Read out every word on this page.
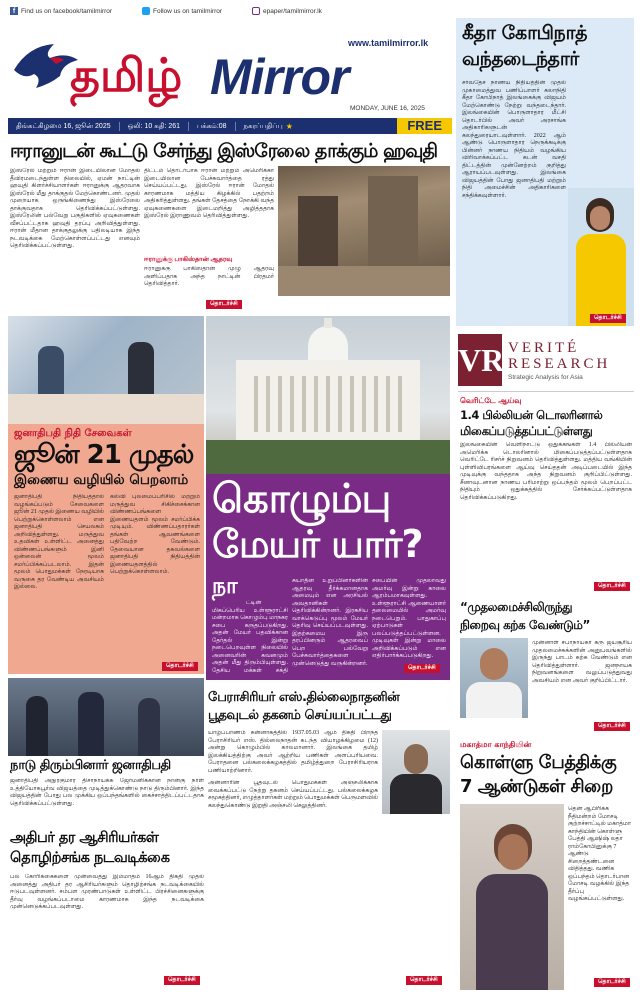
f Find us on facebook/tamilmirror	Follow us on tamilmirror	epaper/tamilmirror.lk
www.tamilmirror.lk
தமிழ் Mirror
MONDAY, JUNE 16, 2025
திங்கட்கிழமை 16, ஜூன் 2025	ஒலி: 10 கதி: 261	பக்கம்:08	நகரப்பதிப்பு ★	FREE
ஈரானுடன் கூட்டு சேர்ந்து இஸ்ரேலை தாக்கும் ஹவுதி
இஸ்ரேல் மற்றும் ஈரான் இடையிலான மோதல் தீவிரமடைந்துள்ள நிலையில், ஏமன் நாட்டின் ஹவுதி கிளர்ச்சியாளர்கள் ஈரானுக்கு ஆதரவாக இஸ்ரேல் மீது தாக்குதல் மேற்கொண்டனர். முதல் முறையாக ஒருங்கிணைந்து இஸ்ரேலை தாக்குவதாக தெரிவிக்கப்பட்டுள்ளது. இஸ்ரேலின் பல்வேறு பகுதிகளில் ஏவுகணைகள் வீசப்பட்டதாக ஹவுதி தரப்பு அறிவித்துள்ளது. ஈரான் மீதான தாக்குதலுக்கு பதிலடியாக இந்த நடவடிக்கை மேற்கொள்ளப்பட்டது எனவும் தெரிவிக்கப்பட்டுள்ளது.
திட்டம் தொடர்பாக ஈரான் மற்றும் அமெரிக்கா இடையிலான பேச்சுவார்த்தை ரத்து செய்யப்பட்டது. இஸ்ரேல் ஈரான் மோதல் காரணமாக மத்திய கிழக்கில் பதற்றம் அதிகரித்துள்ளது. தங்கள் தேசத்தை நோக்கி வந்த ஏவுகணைகளை இடைமறித்து அழித்ததாக இஸ்ரேல் இராணுவம் தெரிவித்துள்ளது.
ஈரானுக்கு பாகிஸ்தான் ஆதரவு
ஈரானுக்கு பாகிஸ்தான் முழு ஆதரவு அளிப்பதாக அந்த நாட்டின் பிரதமர் தெரிவித்தார்.
தொடர்ச்சி
ஜனாதிபதி நிதி சேவைகள்
ஜூன் 21 முதல்
இணைய வழியில் பெறலாம்
ஜனாதிபதி நிதியத்தால் வழங்கப்படும் சேவைகளை ஜூன் 21 முதல் இணைய வழியில் பெற்றுக்கொள்ளலாம் என ஜனாதிபதி செயலகம் அறிவித்துள்ளது. மருத்துவ உதவிகள் உள்ளிட்ட அனைத்து விண்ணப்பங்களும் இனி ஒன்லைன் மூலம் சமர்ப்பிக்கப்படலாம். இதன் மூலம் பொதுமக்கள் நேரடியாக வருகை தர வேண்டிய அவசியம் இல்லை.
கல்வி புலமைப்பரிசில் மற்றும் மருத்துவ சிகிச்சைக்கான விண்ணப்பங்களை இணையதளம் மூலம் சமர்ப்பிக்க முடியும். விண்ணப்பதாரர்கள் தங்கள் ஆவணங்களை பதிவேற்ற வேண்டும். தேவையான தகவல்களை ஜனாதிபதி நிதியத்தின் இணையதளத்தில் பெற்றுக்கொள்ளலாம்.
தொடர்ச்சி
நாடு திரும்பினார் ஜனாதிபதி
ஜனாதிபதி அநுரகுமார திசாநாயக்க ஜேர்மனிக்கான நான்கு நாள் உத்தியோகபூர்வ விஜயத்தை முடித்துக்கொண்டு நாடு திரும்பினார். இந்த விஜயத்தின் போது பல முக்கிய ஒப்பந்தங்களில் கைச்சாத்திடப்பட்டதாக தெரிவிக்கப்பட்டுள்ளது.
அதிபர் தர ஆசிரியர்கள்
தொழிற்சங்க நடவடிக்கை
பல கோரிக்கைகளை முன்வைத்து இம்மாதம் 16ஆம் திகதி முதல் அனைத்து அதிபர் தர ஆசிரியர்களும் தொழிற்சங்க நடவடிக்கையில் ஈடுபடவுள்ளனர். சம்பள முரண்பாடுகள் உள்ளிட்ட பிரச்சினைகளுக்கு தீர்வு வழங்கப்படாமை காரணமாக இந்த நடவடிக்கை முன்னெடுக்கப்படவுள்ளது.
தொடர்ச்சி
கொழும்பு
மேயர் யார்?
நா
ட்டின் மிகப்பெரிய உள்ளூராட்சி மன்றமாக கொழும்பு மாநகர சபை கருதப்படுகிறது. அதன் மேயர் பதவிக்கான தேர்தல் இன்று நடைபெறவுள்ள நிலையில் அனைவரின் கவனமும் அதன் மீது திரும்பியுள்ளது. தேசிய மக்கள் சக்தி
சுயாதீன உறுப்பினர்களின் ஆதரவு தீர்க்கமானதாக அமையும் என அரசியல் அவதானிகள் தெரிவிக்கின்றனர். இரகசிய வாக்கெடுப்பு மூலம் மேயர் தெரிவு செய்யப்படவுள்ளது. இதற்கமைய இரு தரப்பினரும் ஆதரவைப் பெற பல்வேறு பேச்சுவார்த்தைகளை முன்னெடுத்து வருகின்றனர்.
சபையின் முதலாவது அமர்வு இன்று காலை ஆரம்பமாகவுள்ளது. உள்ளூராட்சி ஆணையாளர் தலைமையில் அமர்வு நடைபெறும். பாதுகாப்பு ஏற்பாடுகள் பலப்படுத்தப்பட்டுள்ளன. முடிவுகள் இன்று மாலை அறிவிக்கப்படும் என எதிர்பார்க்கப்படுகிறது.
தொடர்ச்சி
பேராசிரியர் எஸ்.தில்லைநாதனின்
பூதவுடல் தகனம் செய்யப்பட்டது
யாழ்ப்பாணம் கன்னாகத்தில் 1937.05.03 ஆம் திகதி பிறந்த பேராசிரியர் எஸ். தில்லைநாதன் கடந்த வியாழக்கிழமை (12) அன்று கொழும்பில் காலமானார். இலங்கை தமிழ் இலக்கியத்திற்கு அவர் ஆற்றிய பணிகள் அளப்பரியவை. பேராதனை பல்கலைக்கழகத்தில் தமிழ்த்துறை பேராசிரியராக பணியாற்றினார்.
அன்னாரின் பூதவுடல் பொதுமக்கள் அஞ்சலிக்காக வைக்கப்பட்டு நேற்று தகனம் செய்யப்பட்டது. பல்கலைக்கழக சமூகத்தினர், எழுத்தாளர்கள் மற்றும் பொதுமக்கள் பெருமளவில் கலந்துகொண்டு இறுதி அஞ்சலி செலுத்தினர்.
தொடர்ச்சி
கீதா கோபிநாத்
வந்தடைந்தார்
சர்வதேச நாணய நிதியத்தின் முதல் முகாமைத்துவ பணிப்பாளர் கலாநிதி கீதா கோபிநாத் இலங்கைக்கு விஜயம் மேற்கொண்டு நேற்று வந்தடைந்தார். இலங்கையின் பொருளாதார மீட்சி தொடர்பில் அவர் அரசாங்க அதிகாரிகளுடன் கலந்துரையாடவுள்ளார். 2022 ஆம் ஆண்டு பொருளாதார நெருக்கடிக்கு பின்னர் நாணய நிதியம் வழங்கிய விரிவாக்கப்பட்ட கடன் வசதி திட்டத்தின் முன்னேற்றம் குறித்து ஆராயப்படவுள்ளது. இலங்கை விஜயத்தின் போது ஜனாதிபதி மற்றும் நிதி அமைச்சின் அதிகாரிகளை சந்திக்கவுள்ளார்.
தொடர்ச்சி
VR VERITÉ
RESEARCH
Strategic Analysis for Asia
வெரிட்டே ஆய்வு
1.4 பில்லியன் டொலரினால்
மிகைப்படுத்தப்பட்டுள்ளது
இலங்கையின் வெளிநாட்டு ஒதுக்கங்கள் 1.4 பில்லியன் அமெரிக்க டொலரினால் மிகைப்படுத்தப்பட்டுள்ளதாக வெரிட்டே ரிசர்ச் நிறுவனம் தெரிவித்துள்ளது. மத்திய வங்கியின் புள்ளிவிபரங்களை ஆய்வு செய்ததன் அடிப்படையில் இந்த முடிவுக்கு வந்ததாக அந்த நிறுவனம் குறிப்பிட்டுள்ளது. சீனாவுடனான நாணய பரிமாற்று ஒப்பந்தம் மூலம் பெறப்பட்ட நிதியும் ஒதுக்கத்தில் சேர்க்கப்பட்டுள்ளதாக தெரிவிக்கப்படுகிறது.
தொடர்ச்சி
“முதலமைச்சிலிருந்து
நிறைவு கற்க வேண்டும்”
முன்னாள் சபாநாயகர் கரு ஜயசூரிய முதலமைச்சுக்களின் அனுபவங்களில் இருந்து பாடம் கற்க வேண்டும் என தெரிவித்துள்ளார். ஜனநாயக நிறுவனங்களை வலுப்படுத்துவது அவசியம் என அவர் குறிப்பிட்டார்.
தொடர்ச்சி
மகாத்மா காந்தியின்
கொள்ளு பேத்திக்கு
7 ஆண்டுகள் சிறை
தென் ஆபிரிக்க நீதிமன்றம் மோசடி குற்றச்சாட்டில் மகாத்மா காந்தியின் கொள்ளு பேத்தி ஆஷிஷ் லதா ராம்கோபினுக்கு 7 ஆண்டு சிறைத்தண்டனை விதித்தது. வணிக ஒப்பந்தம் தொடர்பான மோசடி வழக்கில் இந்த தீர்ப்பு வழங்கப்பட்டுள்ளது.
தொடர்ச்சி
